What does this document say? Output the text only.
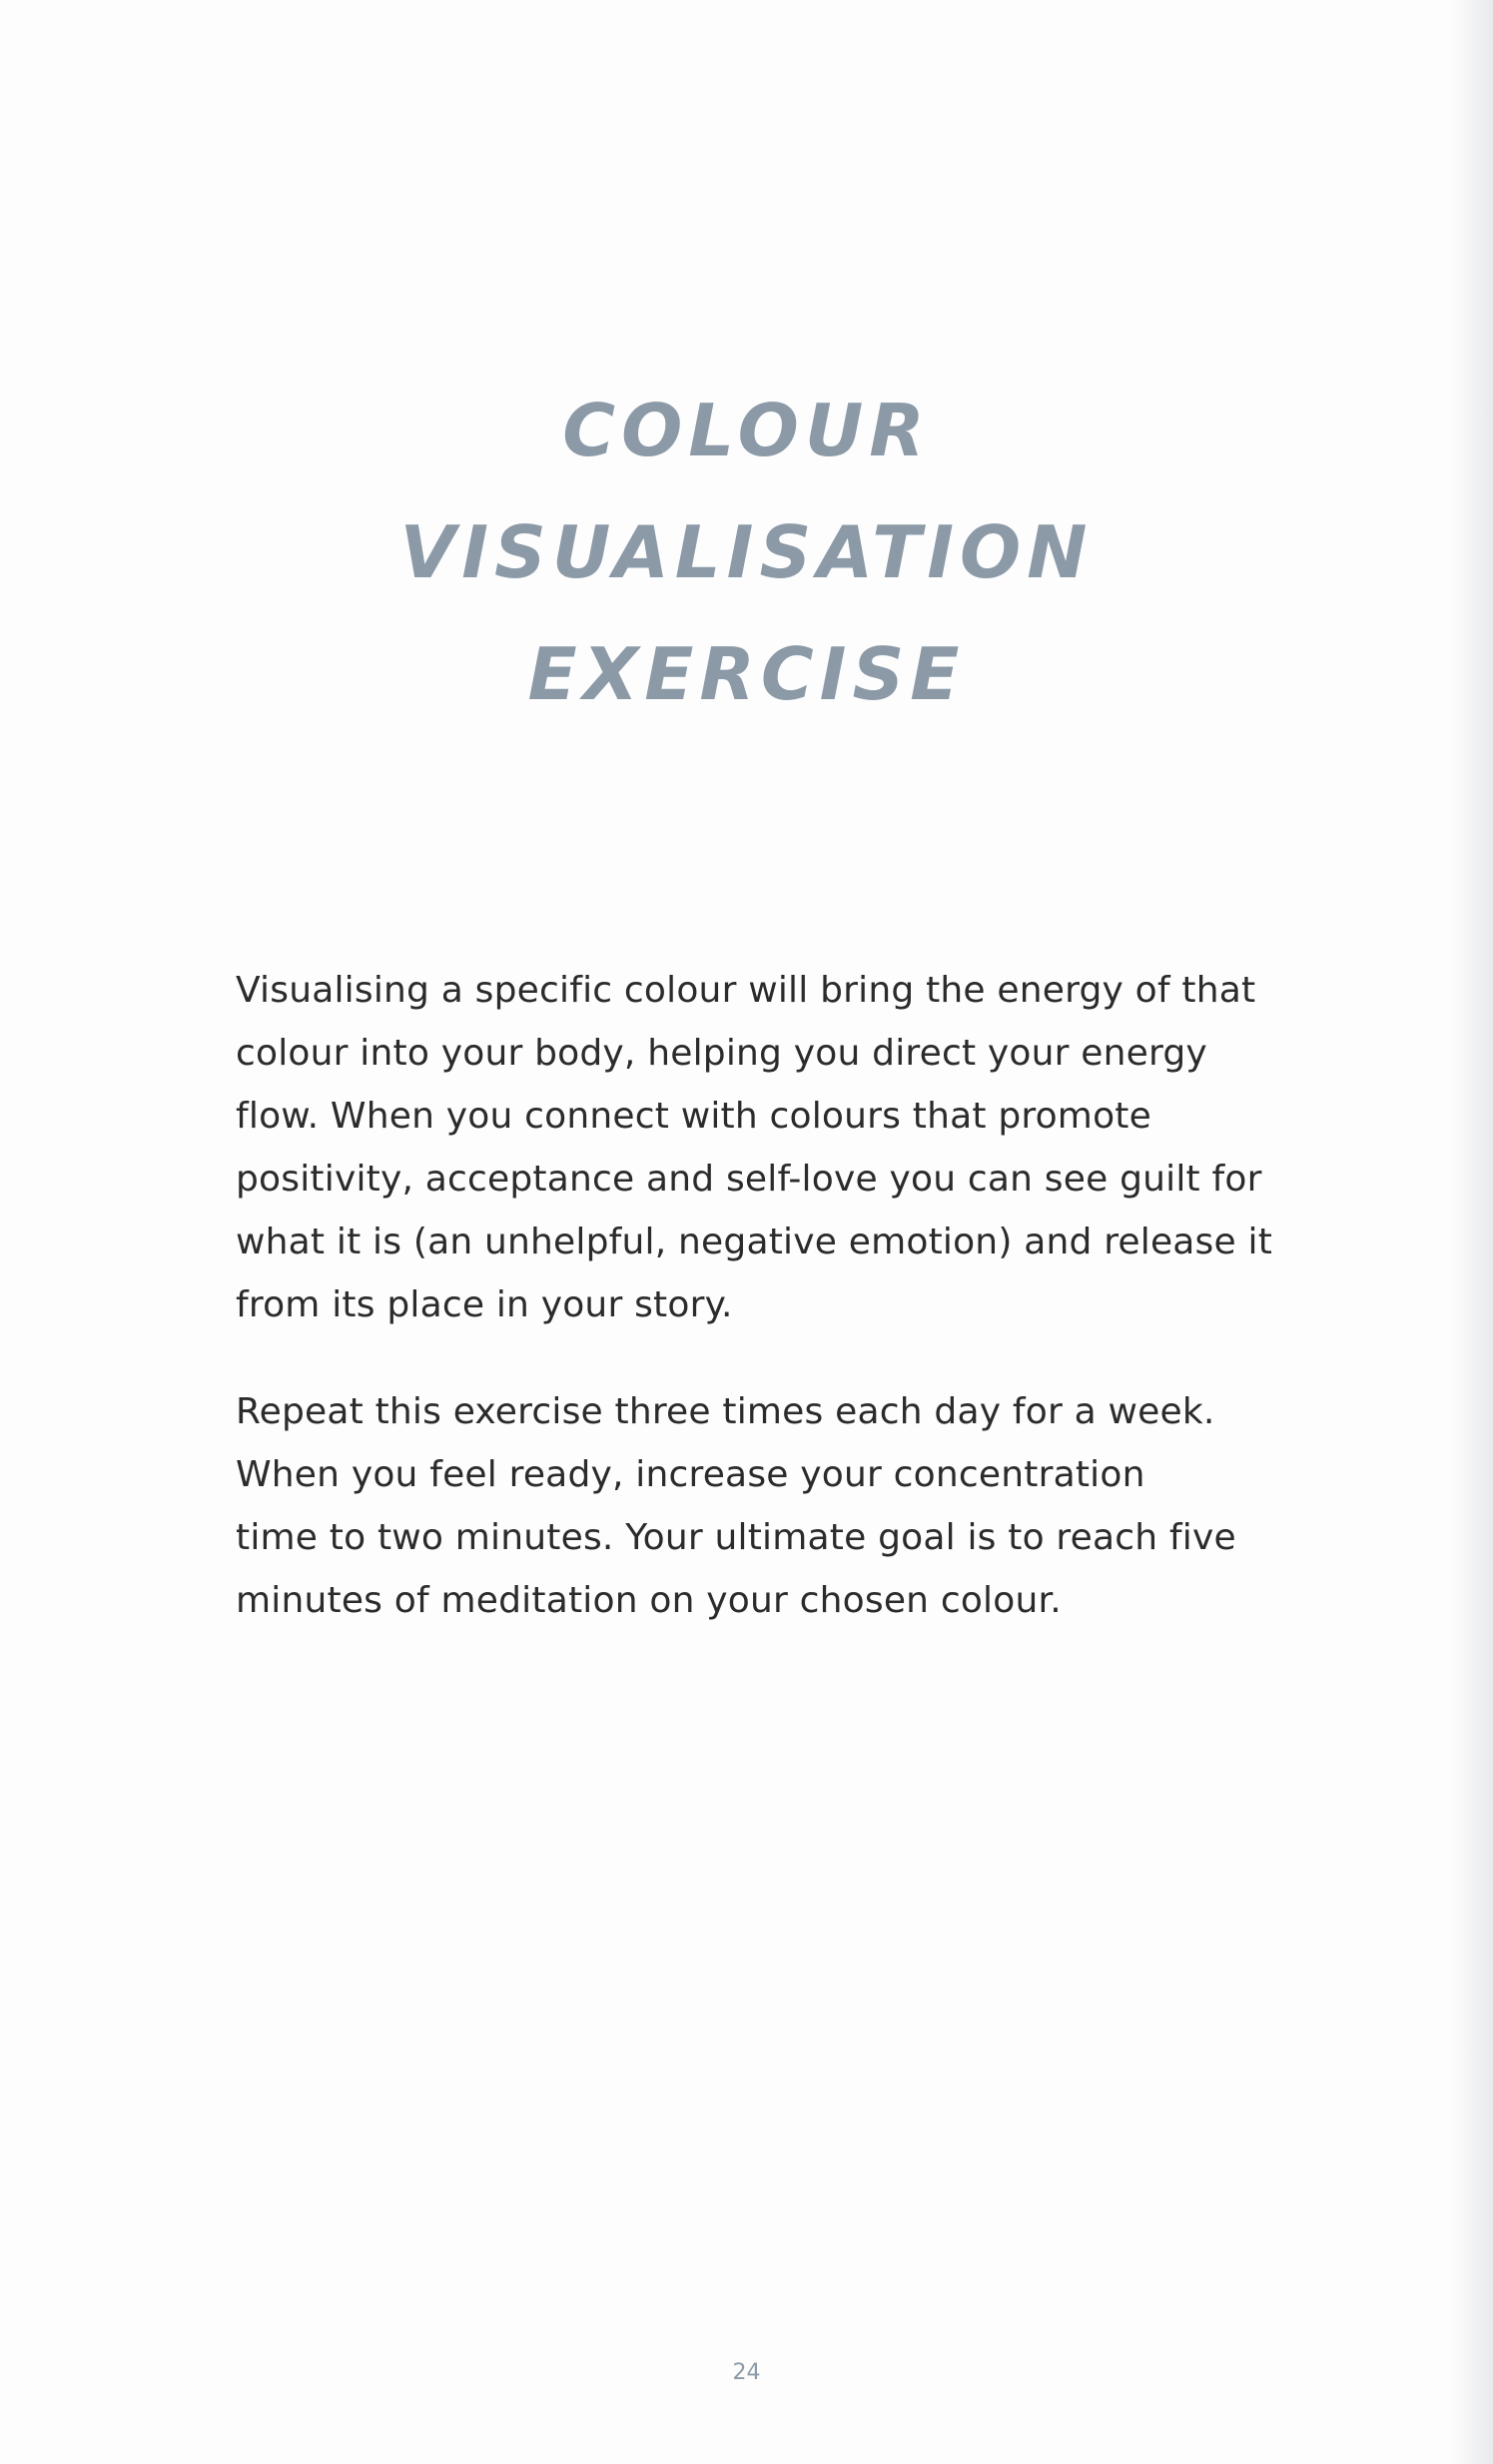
COLOUR
VISUALISATION
EXERCISE

Visualising a specific colour will bring the energy of that
colour into your body, helping you direct your energy
flow. When you connect with colours that promote
positivity, acceptance and self-love you can see guilt for
what it is (an unhelpful, negative emotion) and release it
from its place in your story.

Repeat this exercise three times each day for a week.
When you feel ready, increase your concentration
time to two minutes. Your ultimate goal is to reach five
minutes of meditation on your chosen colour.

24
